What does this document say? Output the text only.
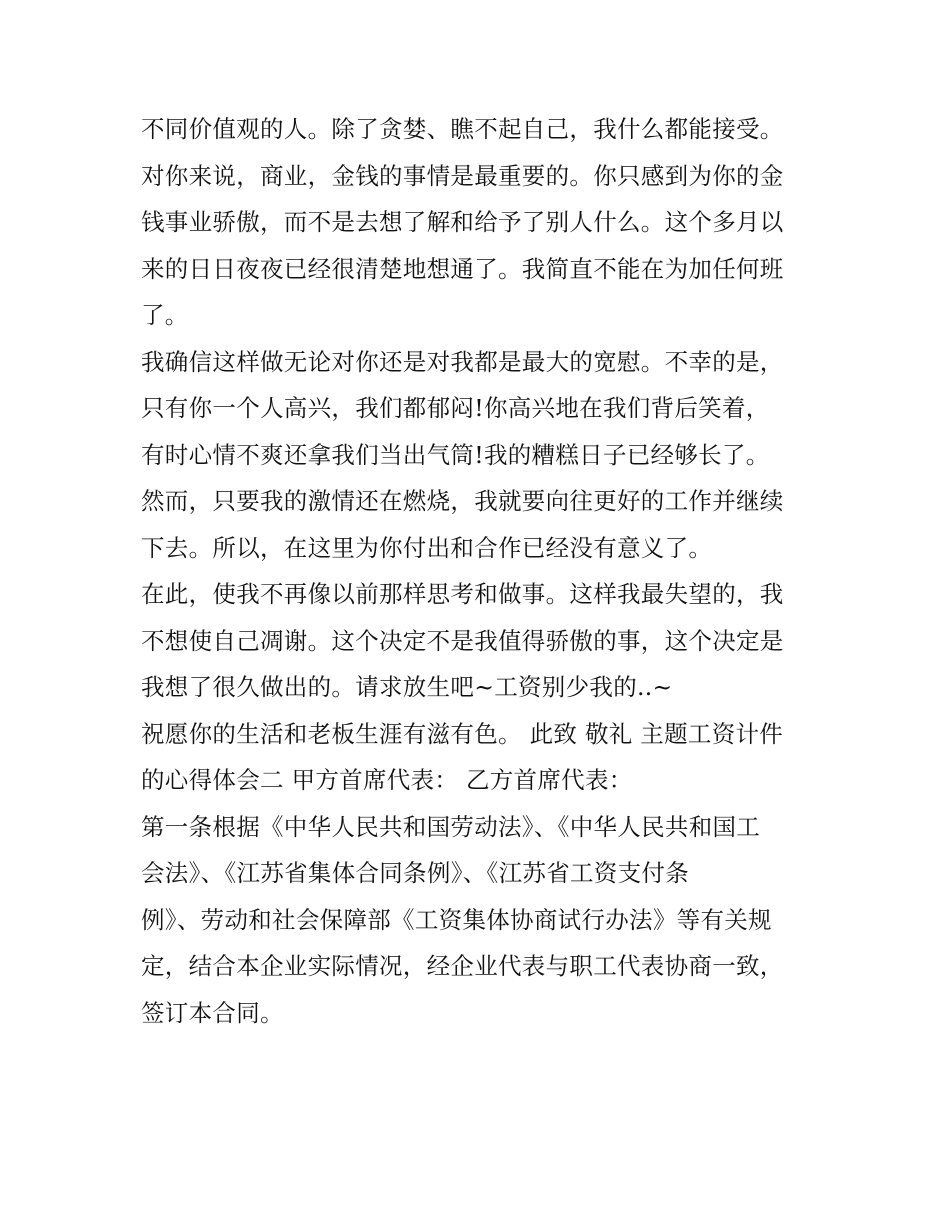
不同价值观的人。除了贪婪、瞧不起自己，我什么都能接受。
对你来说，商业，金钱的事情是最重要的。你只感到为你的金
钱事业骄傲，而不是去想了解和给予了别人什么。这个多月以
来的日日夜夜已经很清楚地想通了。我简直不能在为加任何班
了。
我确信这样做无论对你还是对我都是最大的宽慰。不幸的是，
只有你一个人高兴，我们都郁闷!你高兴地在我们背后笑着，
有时心情不爽还拿我们当出气筒!我的糟糕日子已经够长了。
然而，只要我的激情还在燃烧，我就要向往更好的工作并继续
下去。所以，在这里为你付出和合作已经没有意义了。
在此，使我不再像以前那样思考和做事。这样我最失望的，我
不想使自己凋谢。这个决定不是我值得骄傲的事，这个决定是
我想了很久做出的。请求放生吧~工资别少我的..~
祝愿你的生活和老板生涯有滋有色。 此致 敬礼 主题工资计件
的心得体会二 甲方首席代表： 乙方首席代表：
第一条根据《中华人民共和国劳动法》、《中华人民共和国工
会法》、《江苏省集体合同条例》、《江苏省工资支付条
例》、劳动和社会保障部《工资集体协商试行办法》等有关规
定，结合本企业实际情况，经企业代表与职工代表协商一致，
签订本合同。
